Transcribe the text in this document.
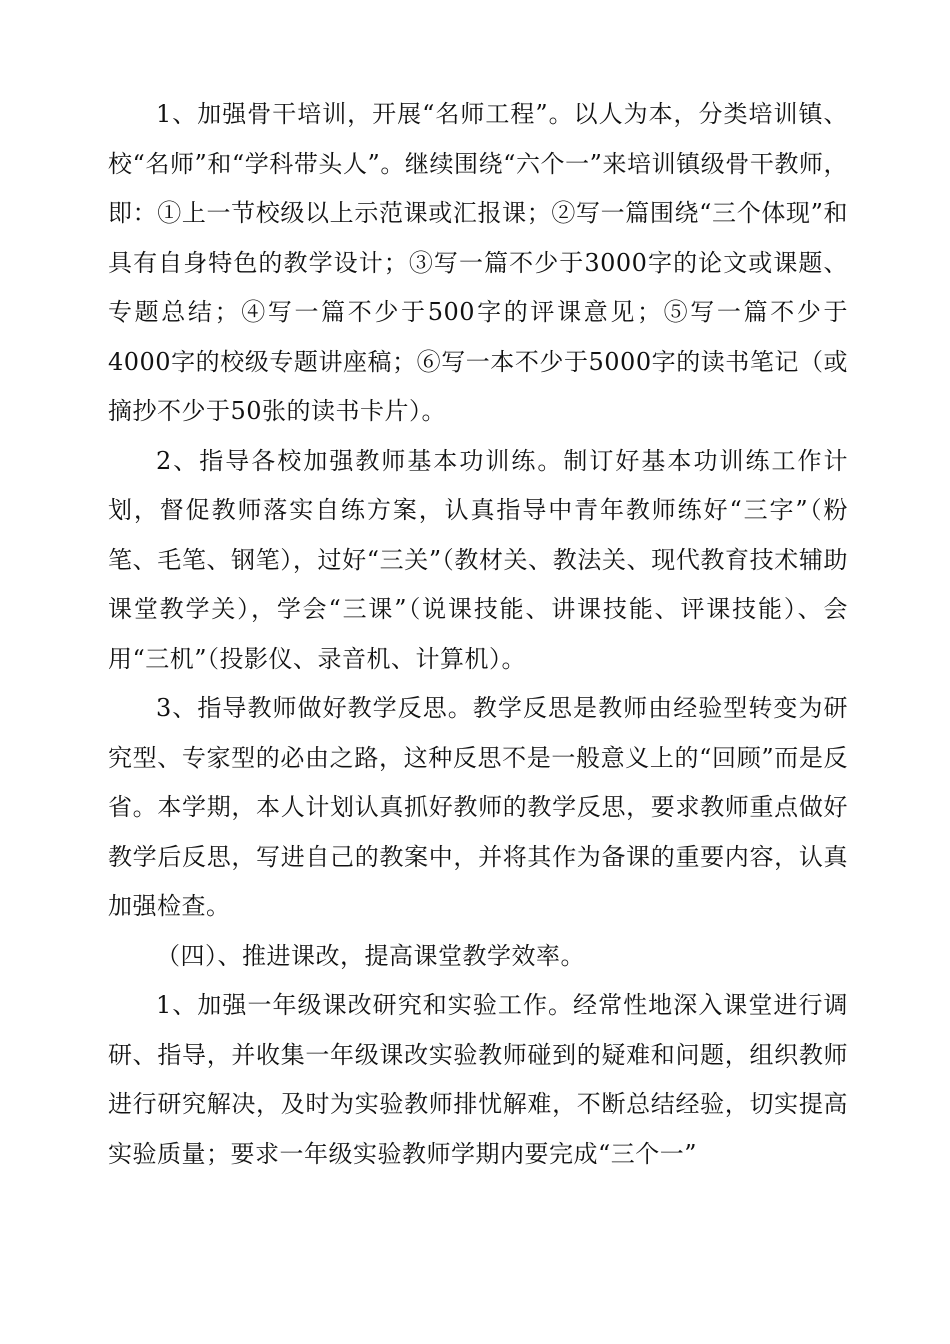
1、加强骨干培训，开展“名师工程”。以人为本，分类培训镇、校“名师”和“学科带头人”。继续围绕“六个一”来培训镇级骨干教师，即：①上一节校级以上示范课或汇报课；②写一篇围绕“三个体现”和具有自身特色的教学设计；③写一篇不少于3000字的论文或课题、专题总结；④写一篇不少于500字的评课意见；⑤写一篇不少于4000字的校级专题讲座稿；⑥写一本不少于5000字的读书笔记（或摘抄不少于50张的读书卡片）。

2、指导各校加强教师基本功训练。制订好基本功训练工作计划，督促教师落实自练方案，认真指导中青年教师练好“三字”（粉笔、毛笔、钢笔），过好“三关”（教材关、教法关、现代教育技术辅助课堂教学关），学会“三课”（说课技能、讲课技能、评课技能）、会用“三机”（投影仪、录音机、计算机）。

3、指导教师做好教学反思。教学反思是教师由经验型转变为研究型、专家型的必由之路，这种反思不是一般意义上的“回顾”而是反省。本学期，本人计划认真抓好教师的教学反思，要求教师重点做好教学后反思，写进自己的教案中，并将其作为备课的重要内容，认真加强检查。

（四）、推进课改，提高课堂教学效率。

1、加强一年级课改研究和实验工作。经常性地深入课堂进行调研、指导，并收集一年级课改实验教师碰到的疑难和问题，组织教师进行研究解决，及时为实验教师排忧解难，不断总结经验，切实提高实验质量；要求一年级实验教师学期内要完成“三个一”
